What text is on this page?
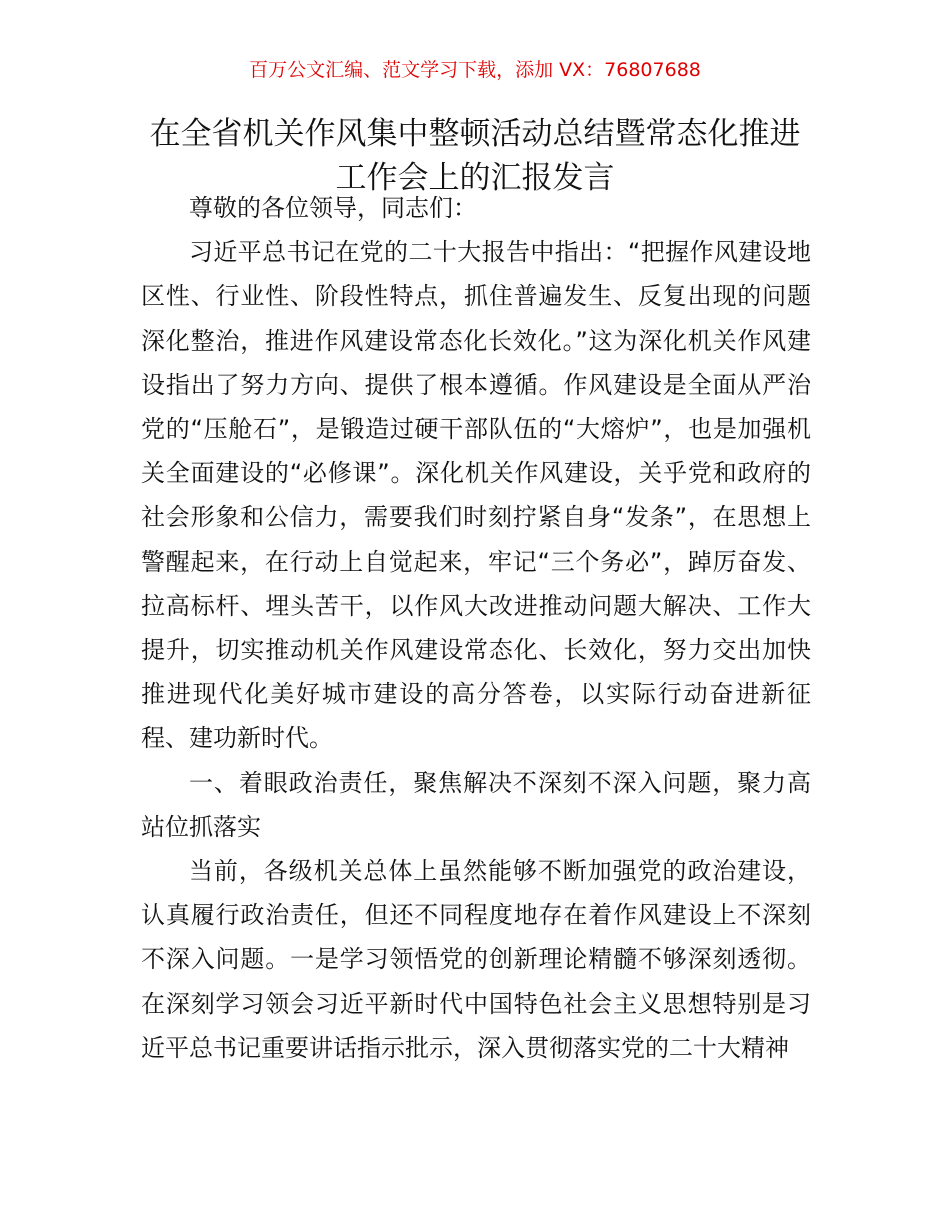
百万公文汇编、范文学习下载，添加 VX：76807688
在全省机关作风集中整顿活动总结暨常态化推进工作会上的汇报发言

尊敬的各位领导，同志们：

习近平总书记在党的二十大报告中指出：“把握作风建设地区性、行业性、阶段性特点，抓住普遍发生、反复出现的问题深化整治，推进作风建设常态化长效化。”这为深化机关作风建设指出了努力方向、提供了根本遵循。作风建设是全面从严治党的“压舱石”，是锻造过硬干部队伍的“大熔炉”，也是加强机关全面建设的“必修课”。深化机关作风建设，关乎党和政府的社会形象和公信力，需要我们时刻拧紧自身“发条”，在思想上警醒起来，在行动上自觉起来，牢记“三个务必”，踔厉奋发、拉高标杆、埋头苦干，以作风大改进推动问题大解决、工作大提升，切实推动机关作风建设常态化、长效化，努力交出加快推进现代化美好城市建设的高分答卷，以实际行动奋进新征程、建功新时代。

一、着眼政治责任，聚焦解决不深刻不深入问题，聚力高站位抓落实

当前，各级机关总体上虽然能够不断加强党的政治建设，认真履行政治责任，但还不同程度地存在着作风建设上不深刻不深入问题。一是学习领悟党的创新理论精髓不够深刻透彻。在深刻学习领会习近平新时代中国特色社会主义思想特别是习近平总书记重要讲话指示批示，深入贯彻落实党的二十大精神
